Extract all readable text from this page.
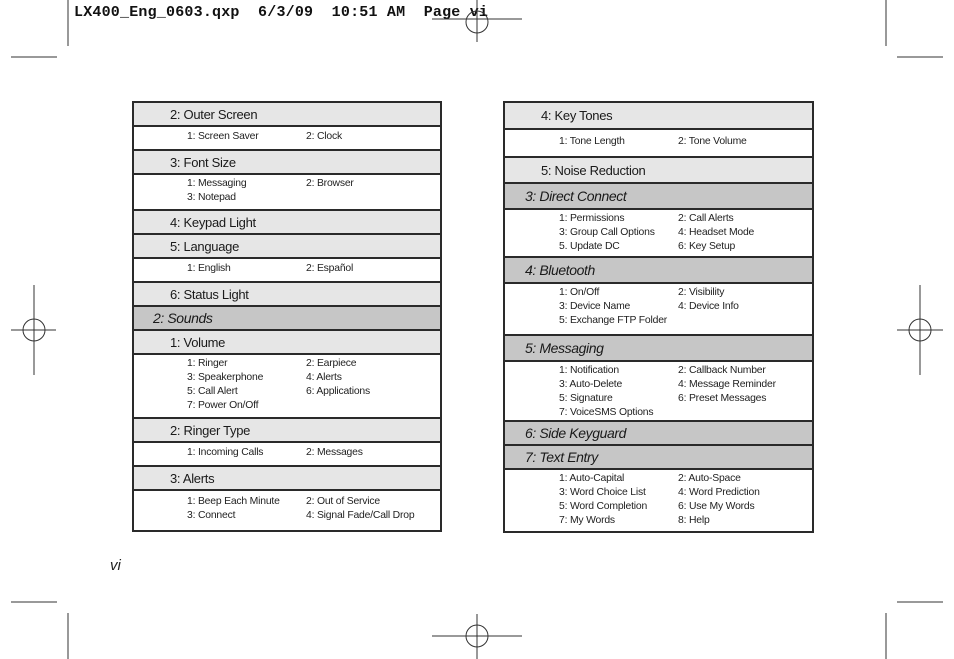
LX400_Eng_0603.qxp 6/3/09 10:51 AM Page vi
2: Outer Screen
1: Screen Saver	2: Clock
3: Font Size
1: Messaging	2: Browser
3: Notepad
4: Keypad Light
5: Language
1: English	2: Español
6: Status Light
2: Sounds
1: Volume
1: Ringer	2: Earpiece
3: Speakerphone	4: Alerts
5: Call Alert	6: Applications
7: Power On/Off
2: Ringer Type
1: Incoming Calls	2: Messages
3: Alerts
1: Beep Each Minute	2: Out of Service
3: Connect	4: Signal Fade/Call Drop
4: Key Tones
1: Tone Length	2: Tone Volume
5: Noise Reduction
3: Direct Connect
1: Permissions	2: Call Alerts
3: Group Call Options	4: Headset Mode
5. Update DC	6: Key Setup
4: Bluetooth
1: On/Off	2: Visibility
3: Device Name	4: Device Info
5: Exchange FTP Folder
5: Messaging
1: Notification	2: Callback Number
3: Auto-Delete	4: Message Reminder
5: Signature	6: Preset Messages
7: VoiceSMS Options
6: Side Keyguard
7: Text Entry
1: Auto-Capital	2: Auto-Space
3: Word Choice List	4: Word Prediction
5: Word Completion	6: Use My Words
7: My Words	8: Help
vi
